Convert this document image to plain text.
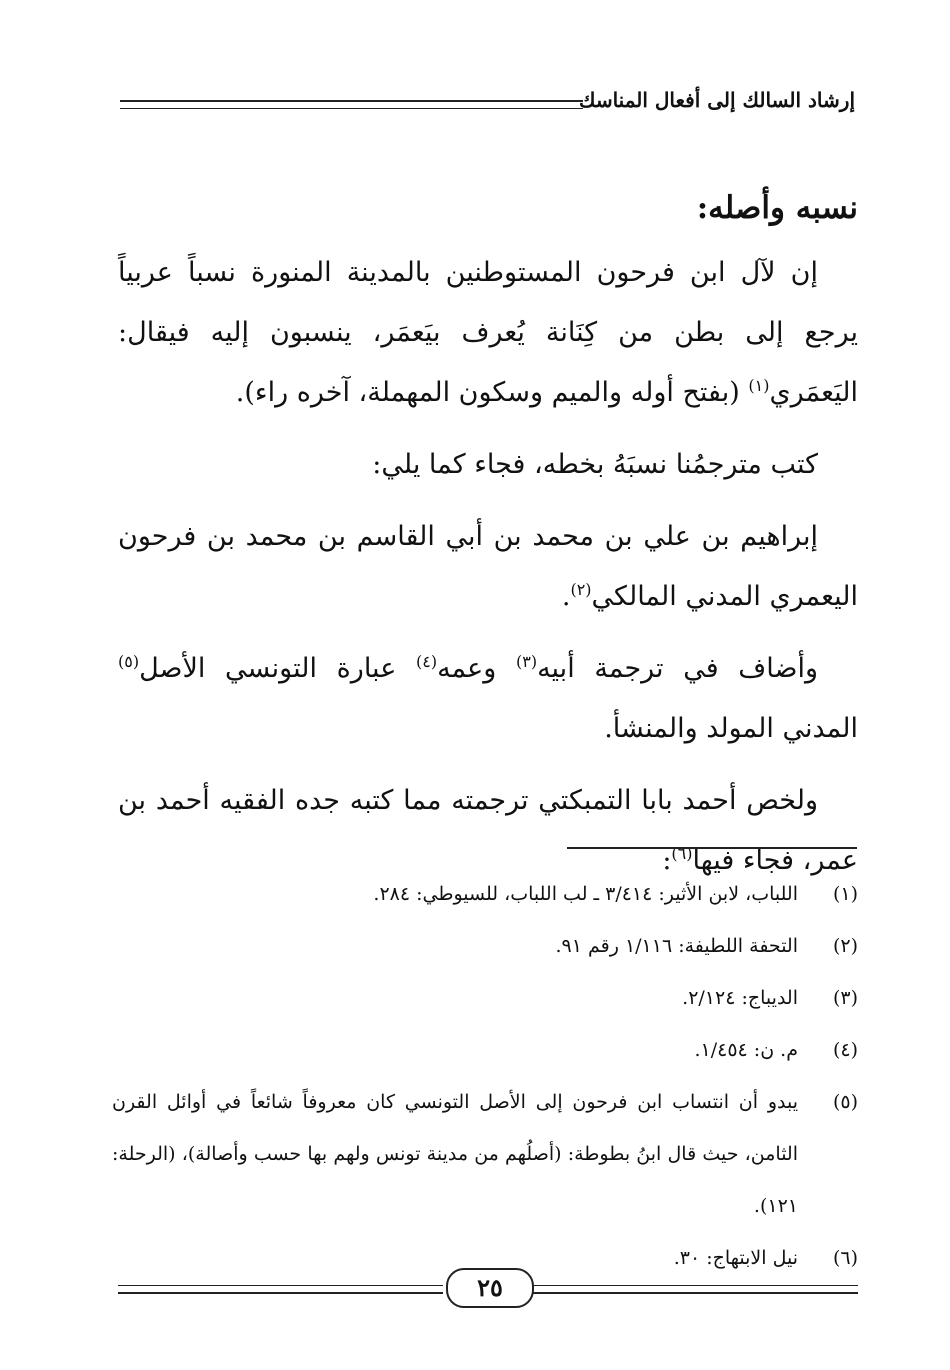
إرشاد السالك إلى أفعال المناسك
نسبه وأصله:

إن لآل ابن فرحون المستوطنين بالمدينة المنورة نسباً عربياً يرجع إلى بطن من كِنَانة يُعرف بيَعمَر، ينسبون إليه فيقال: اليَعمَري$^{(١)}$ (بفتح أوله والميم وسكون المهملة، آخره راء).

كتب مترجمُنا نسبَهُ بخطه، فجاء كما يلي:

إبراهيم بن علي بن محمد بن أبي القاسم بن محمد بن فرحون اليعمري المدني المالكي$^{(٢)}$.

وأضاف في ترجمة أبيه$^{(٣)}$ وعمه$^{(٤)}$ عبارة التونسي الأصل$^{(٥)}$ المدني المولد والمنشأ.

ولخص أحمد بابا التمبكتي ترجمته مما كتبه جده الفقيه أحمد بن عمر، فجاء فيها$^{(٦)}$:

(١)
اللباب، لابن الأثير: ٣/٤١٤ ـ لب اللباب، للسيوطي: ٢٨٤.
(٢)
التحفة اللطيفة: ١/١١٦ رقم ٩١.
(٣)
الديباج: ٢/١٢٤.
(٤)
م. ن: ١/٤٥٤.
(٥)
يبدو أن انتساب ابن فرحون إلى الأصل التونسي كان معروفاً شائعاً في أوائل القرن الثامن، حيث قال ابنُ بطوطة: (أصلُهم من مدينة تونس ولهم بها حسب وأصالة)، (الرحلة: ١٢١).
(٦)
نيل الابتهاج: ٣٠.
٢٥
